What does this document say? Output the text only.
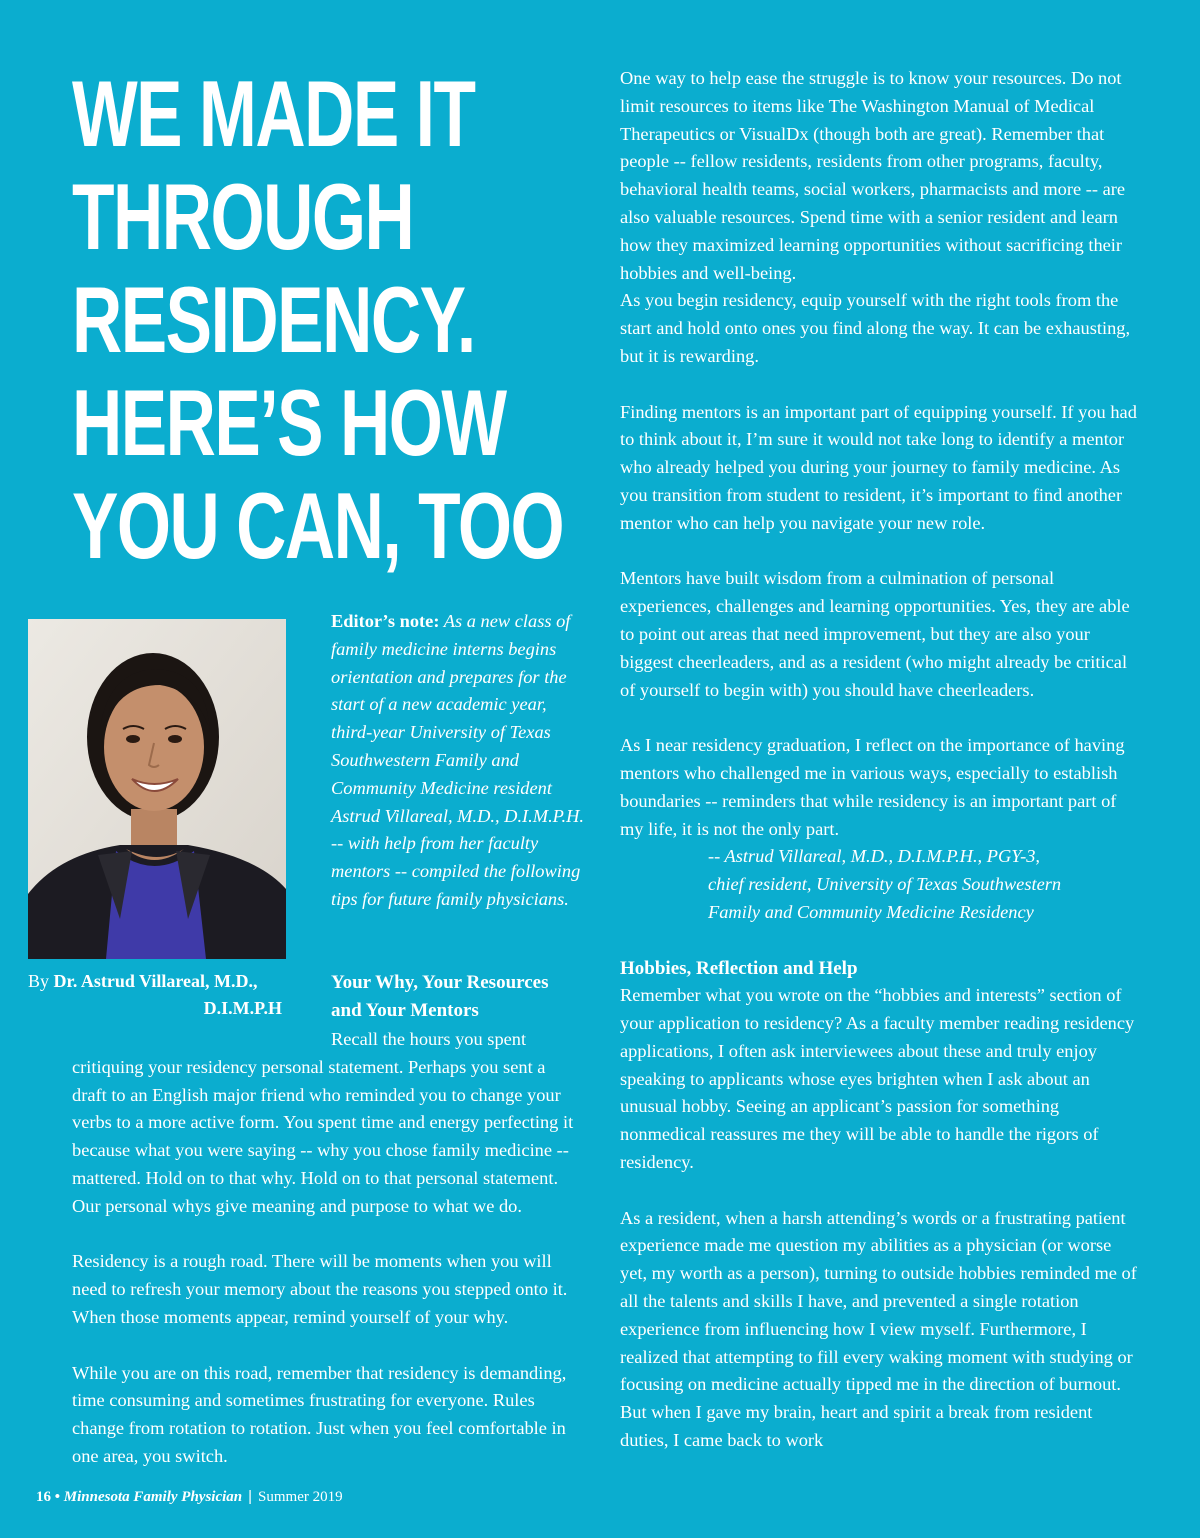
WE MADE IT
THROUGH
RESIDENCY.
HERE’S HOW
YOU CAN, TOO
By Dr. Astrud Villareal, M.D.,
D.I.M.P.H
Editor’s note: As a new class of family medicine interns begins orientation and prepares for the start of a new academic year, third-year University of Texas Southwestern Family and Community Medicine resident Astrud Villareal, M.D., D.I.M.P.H. -- with help from her faculty mentors -- compiled the following tips for future family physicians.
Your Why, Your Resources
and Your Mentors

Recall the hours you spent critiquing your residency personal statement. Perhaps you sent a draft to an English major friend who reminded you to change your verbs to a more active form. You spent time and energy perfecting it because what you were saying -- why you chose family medicine -- mattered. Hold on to that why. Hold on to that personal statement. Our personal whys give meaning and purpose to what we do.

Residency is a rough road. There will be moments when you will need to refresh your memory about the reasons you stepped onto it. When those moments appear, remind yourself of your why.

While you are on this road, remember that residency is demanding, time consuming and sometimes frustrating for everyone. Rules change from rotation to rotation. Just when you feel comfortable in one area, you switch.

One way to help ease the struggle is to know your resources. Do not limit resources to items like The Washington Manual of Medical Therapeutics or VisualDx (though both are great). Remember that people -- fellow residents, residents from other programs, faculty, behavioral health teams, social workers, pharmacists and more -- are also valuable resources. Spend time with a senior resident and learn how they maximized learning opportunities without sacrificing their hobbies and well-being.

As you begin residency, equip yourself with the right tools from the start and hold onto ones you find along the way. It can be exhausting, but it is rewarding.

Finding mentors is an important part of equipping yourself. If you had to think about it, I’m sure it would not take long to identify a mentor who already helped you during your journey to family medicine. As you transition from student to resident, it’s important to find another mentor who can help you navigate your new role.

Mentors have built wisdom from a culmination of personal experiences, challenges and learning opportunities. Yes, they are able to point out areas that need improvement, but they are also your biggest cheerleaders, and as a resident (who might already be critical of yourself to begin with) you should have cheerleaders.

As I near residency graduation, I reflect on the importance of having mentors who challenged me in various ways, especially to establish boundaries -- reminders that while residency is an important part of my life, it is not the only part.

-- Astrud Villareal, M.D., D.I.M.P.H., PGY-3,
chief resident, University of Texas Southwestern
Family and Community Medicine Residency

Hobbies, Reflection and Help

Remember what you wrote on the “hobbies and interests” section of your application to residency? As a faculty member reading residency applications, I often ask interviewees about these and truly enjoy speaking to applicants whose eyes brighten when I ask about an unusual hobby. Seeing an applicant’s passion for something nonmedical reassures me they will be able to handle the rigors of residency.

As a resident, when a harsh attending’s words or a frustrating patient experience made me question my abilities as a physician (or worse yet, my worth as a person), turning to outside hobbies reminded me of all the talents and skills I have, and prevented a single rotation experience from influencing how I view myself. Furthermore, I realized that attempting to fill every waking moment with studying or focusing on medicine actually tipped me in the direction of burnout. But when I gave my brain, heart and spirit a break from resident duties, I came back to work

16 • Minnesota Family Physician | Summer 2019
